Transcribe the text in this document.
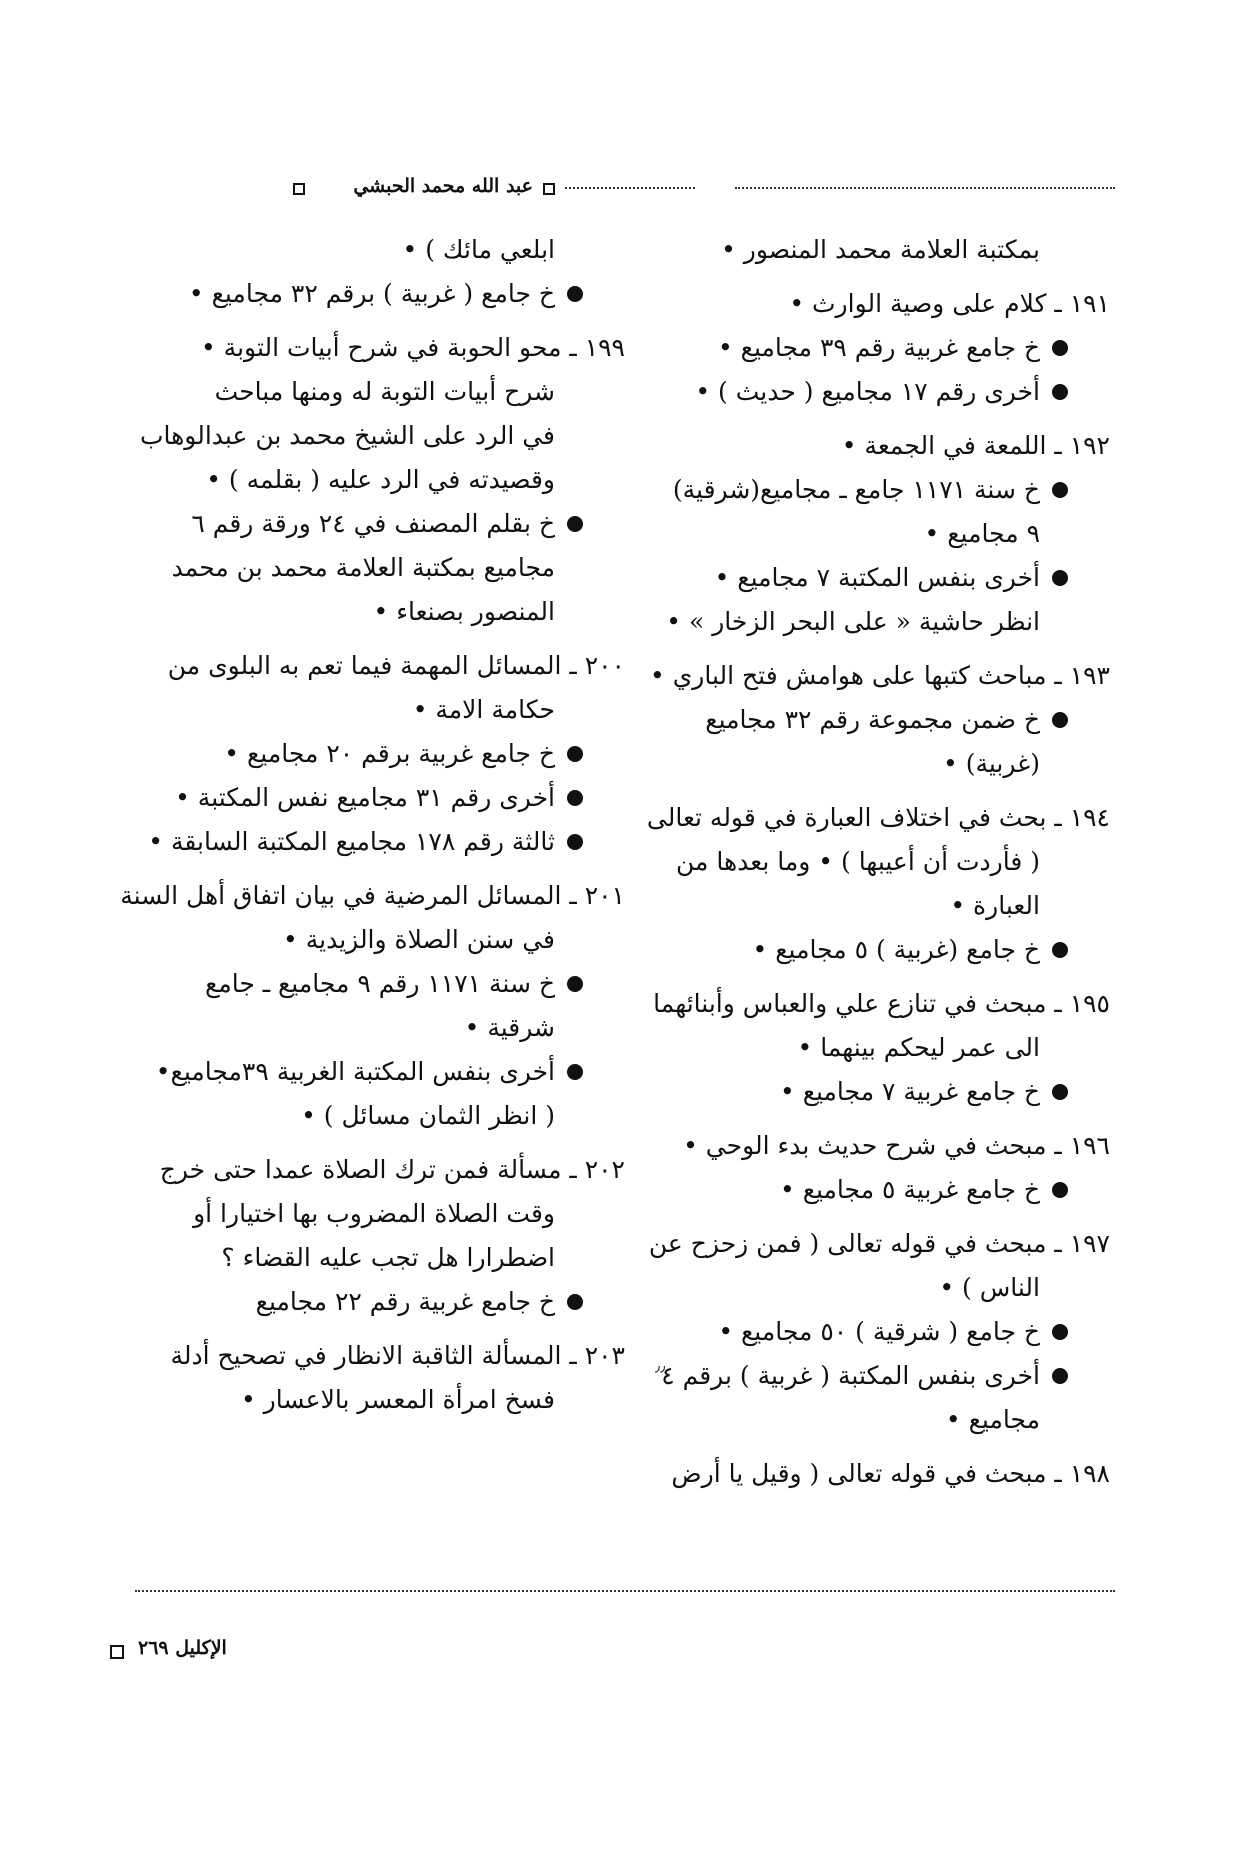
عبد الله محمد الحبشي
بمكتبة العلامة محمد المنصور •
١٩١ ـ كلام على وصية الوارث •
خ جامع غربية رقم ٣٩ مجاميع •
أخرى رقم ١٧ مجاميع ( حديث ) •
١٩٢ ـ اللمعة في الجمعة •
خ سنة ١١٧١ جامع ـ مجاميع(شرقية)
٩ مجاميع •
أخرى بنفس المكتبة ٧ مجاميع •
انظر حاشية « على البحر الزخار » •
١٩٣ ـ مباحث كتبها على هوامش فتح الباري •
خ ضمن مجموعة رقم ٣٢ مجاميع
(غربية) •
١٩٤ ـ بحث في اختلاف العبارة في قوله تعالى
( فأردت أن أعيبها ) • وما بعدها من
العبارة •
خ جامع (غربية ) ٥ مجاميع •
١٩٥ ـ مبحث في تنازع علي والعباس وأبنائهما
الى عمر ليحكم بينهما •
خ جامع غربية ٧ مجاميع •
١٩٦ ـ مبحث في شرح حديث بدء الوحي •
خ جامع غربية ٥ مجاميع •
١٩٧ ـ مبحث في قوله تعالى ( فمن زحزح عن
الناس ) •
خ جامع ( شرقية ) ٥٠ مجاميع •
أخرى بنفس المكتبة ( غربية ) برقم ٤
مجاميع •
١٩٨ ـ مبحث في قوله تعالى ( وقيل يا أرض
ابلعي مائك ) •
خ جامع ( غربية ) برقم ٣٢ مجاميع •
١٩٩ ـ محو الحوبة في شرح أبيات التوبة •
شرح أبيات التوبة له ومنها مباحث
في الرد على الشيخ محمد بن عبدالوهاب
وقصيدته في الرد عليه ( بقلمه ) •
خ بقلم المصنف في ٢٤ ورقة رقم ٦
مجاميع بمكتبة العلامة محمد بن محمد
المنصور بصنعاء •
٢٠٠ ـ المسائل المهمة فيما تعم به البلوى من
حكامة الامة •
خ جامع غربية برقم ٢٠ مجاميع •
أخرى رقم ٣١ مجاميع نفس المكتبة •
ثالثة رقم ١٧٨ مجاميع المكتبة السابقة •
٢٠١ ـ المسائل المرضية في بيان اتفاق أهل السنة
في سنن الصلاة والزيدية •
خ سنة ١١٧١ رقم ٩ مجاميع ـ جامع
شرقية •
أخرى بنفس المكتبة الغربية ٣٩مجاميع•
( انظر الثمان مسائل ) •
٢٠٢ ـ مسألة فمن ترك الصلاة عمدا حتى خرج
وقت الصلاة المضروب بها اختيارا أو
اضطرارا هل تجب عليه القضاء ؟
خ جامع غربية رقم ٢٢ مجاميع
٢٠٣ ـ المسألة الثاقبة الانظار في تصحيح أدلة
فسخ امرأة المعسر بالاعسار •
٫٫
الإكليل ٢٦٩
